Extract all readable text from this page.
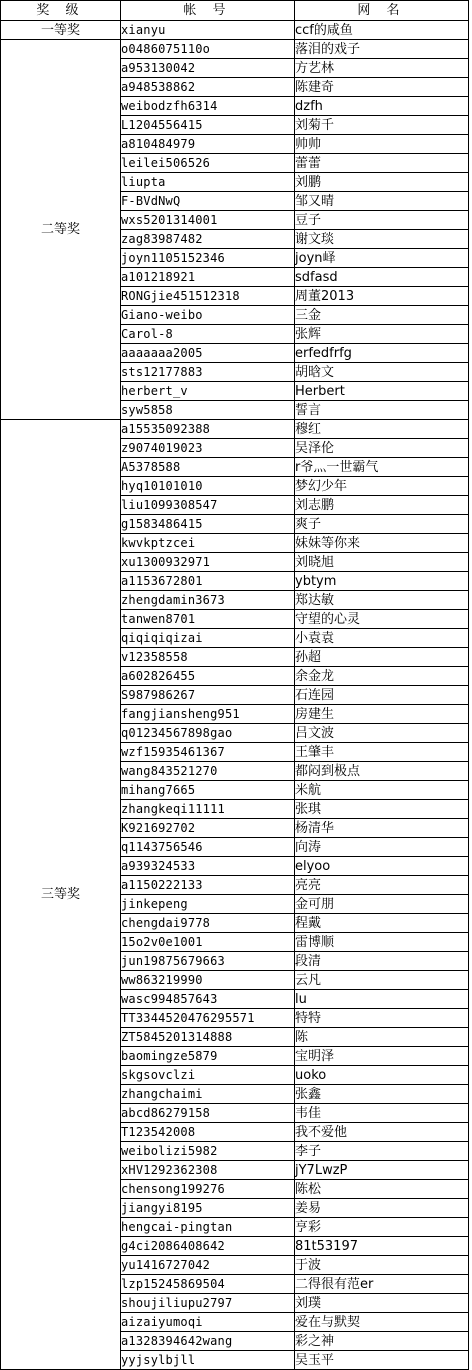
奖 级	帐 号	网 名
一等奖	xianyu	ccf的咸鱼
二等奖	o0486075110o	落泪的戏子
	a953130042	方艺林
	a948538862	陈建奇
	weibodzfh6314	dzfh
	L1204556415	刘菊千
	a810484979	帅帅
	leilei506526	蕾蕾
	liupta	刘鹏
	F-BVdNwQ	邹又晴
	wxs5201314001	豆子
	zag83987482	谢文琰
	joyn1105152346	joyn峄
	a101218921	sdfasd
	RONGjie451512318	周董2013
	Giano-weibo	三金
	Carol-8	张辉
	aaaaaaa2005	erfedfrfg
	sts12177883	胡晗文
	herbert_v	Herbert
	syw5858	誓言
三等奖	a15535092388	穆红
	z9074019023	吴泽伦
	A5378588	r爷灬一世霸气
	hyq10101010	梦幻少年
	liu1099308547	刘志鹏
	g1583486415	爽子
	kwvkptzcei	妹妹等你来
	xu1300932971	刘晓旭
	a1153672801	ybtym
	zhengdamin3673	郑达敏
	tanwen8701	守望的心灵
	qiqiqiqizai	小袁袁
	v12358558	孙超
	a602826455	余金龙
	S987986267	石连园
	fangjiansheng951	房建生
	q01234567898gao	吕文波
	wzf15935461367	王肇丰
	wang843521270	都闷到极点
	mihang7665	米航
	zhangkeqi11111	张琪
	K921692702	杨清华
	q1143756546	向涛
	a939324533	elyoo
	a1150222133	亮亮
	jinkepeng	金可朋
	chengdai9778	程戴
	15o2v0e1001	雷博顺
	jun19875679663	段清
	ww863219990	云凡
	wasc994857643	lu
	TT3344520476295571	特特
	ZT5845201314888	陈
	baomingze5879	宝明泽
	skgsovclzi	uoko
	zhangchaimi	张鑫
	abcd86279158	韦佳
	T123542008	我不爱他
	weibolizi5982	李子
	xHV1292362308	jY7LwzP
	chensong199276	陈松
	jiangyi8195	姜易
	hengcai-pingtan	亨彩
	g4ci2086408642	81t53197
	yu1416727042	于波
	lzp15245869504	二得很有范er
	shoujiliupu2797	刘璞
	aizaiyumoqi	爱在与默契
	a1328394642wang	彩之神
	yyjsylbjll	吴玉平
